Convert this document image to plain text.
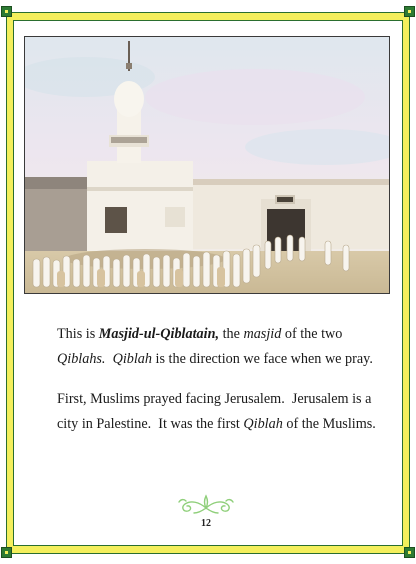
This is Masjid-ul-Qiblatain, the masjid of the two
Qiblahs. Qiblah is the direction we face when we pray.

First, Muslims prayed facing Jerusalem.  Jerusalem is a
city in Palestine.  It was the first Qiblah of the Muslims.

12
